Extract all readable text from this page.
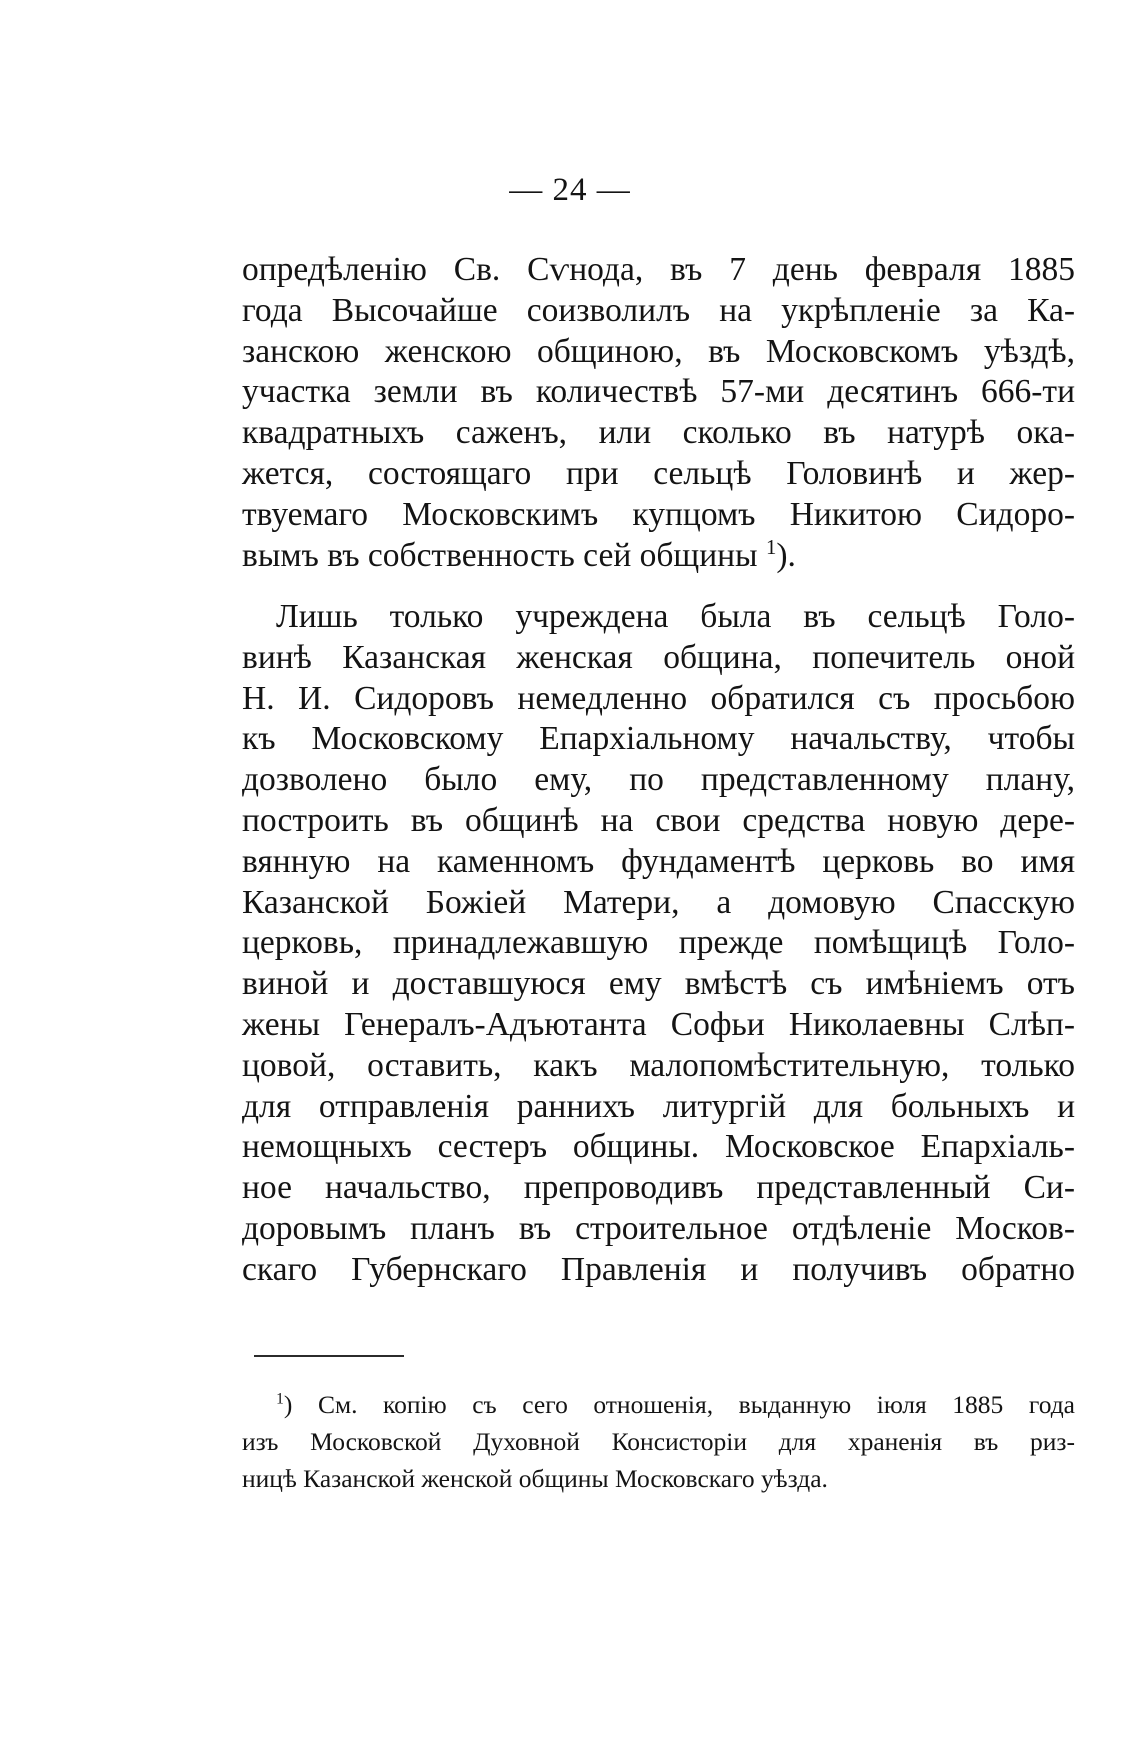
— 24 —
опредѣленію Св. Сѵнода, въ 7 день февраля 1885
года Высочайше соизволилъ на укрѣпленіе за Ка-
занскою женскою общиною, въ Московскомъ уѣздѣ,
участка земли въ количествѣ 57-ми десятинъ 666-ти
квадратныхъ саженъ, или сколько въ натурѣ ока-
жется, состоящаго при сельцѣ Головинѣ и жер-
твуемаго Московскимъ купцомъ Никитою Сидоро-
вымъ въ собственность сей общины $^1$).
Лишь только учреждена была въ сельцѣ Голо-
винѣ Казанская женская община, попечитель оной
Н. И. Сидоровъ немедленно обратился съ просьбою
къ Московскому Епархіальному начальству, чтобы
дозволено было ему, по представленному плану,
построить въ общинѣ на свои средства новую дере-
вянную на каменномъ фундаментѣ церковь во имя
Казанской Божіей Матери, а домовую Спасскую
церковь, принадлежавшую прежде помѣщицѣ Голо-
виной и доставшуюся ему вмѣстѣ съ имѣніемъ отъ
жены Генералъ-Адъютанта Софьи Николаевны Слѣп-
цовой, оставить, какъ малопомѣстительную, только
для отправленія раннихъ литургій для больныхъ и
немощныхъ сестеръ общины. Московское Епархіаль-
ное начальство, препроводивъ представленный Си-
доровымъ планъ въ строительное отдѣленіе Москов-
скаго Губернскаго Правленія и получивъ обратно
$^1$) См. копію съ сего отношенія, выданную іюля 1885 года
изъ Московской Духовной Консисторіи для храненія въ риз-
ницѣ Казанской женской общины Московскаго уѣзда.
